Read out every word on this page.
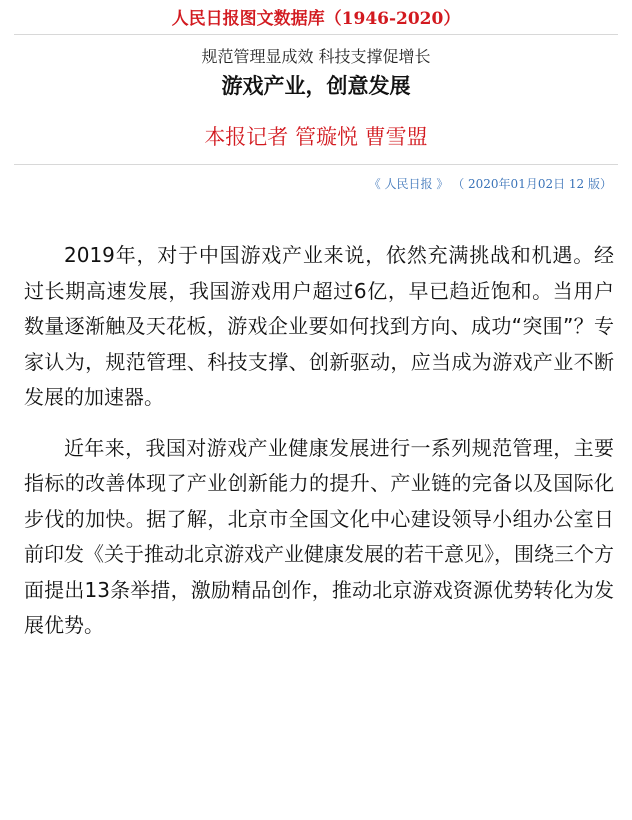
人民日报图文数据库（1946-2020）
规范管理显成效 科技支撑促增长
游戏产业，创意发展
本报记者 管璇悦 曹雪盟
《 人民日报 》 （ 2020年01月02日 12 版）

2019年，对于中国游戏产业来说，依然充满挑战和机遇。经过长期高速发展，我国游戏用户超过6亿，早已趋近饱和。当用户数量逐渐触及天花板，游戏企业要如何找到方向、成功“突围”？专家认为，规范管理、科技支撑、创新驱动，应当成为游戏产业不断发展的加速器。

近年来，我国对游戏产业健康发展进行一系列规范管理，主要指标的改善体现了产业创新能力的提升、产业链的完备以及国际化步伐的加快。据了解，北京市全国文化中心建设领导小组办公室日前印发《关于推动北京游戏产业健康发展的若干意见》，围绕三个方面提出13条举措，激励精品创作，推动北京游戏资源优势转化为发展优势。
